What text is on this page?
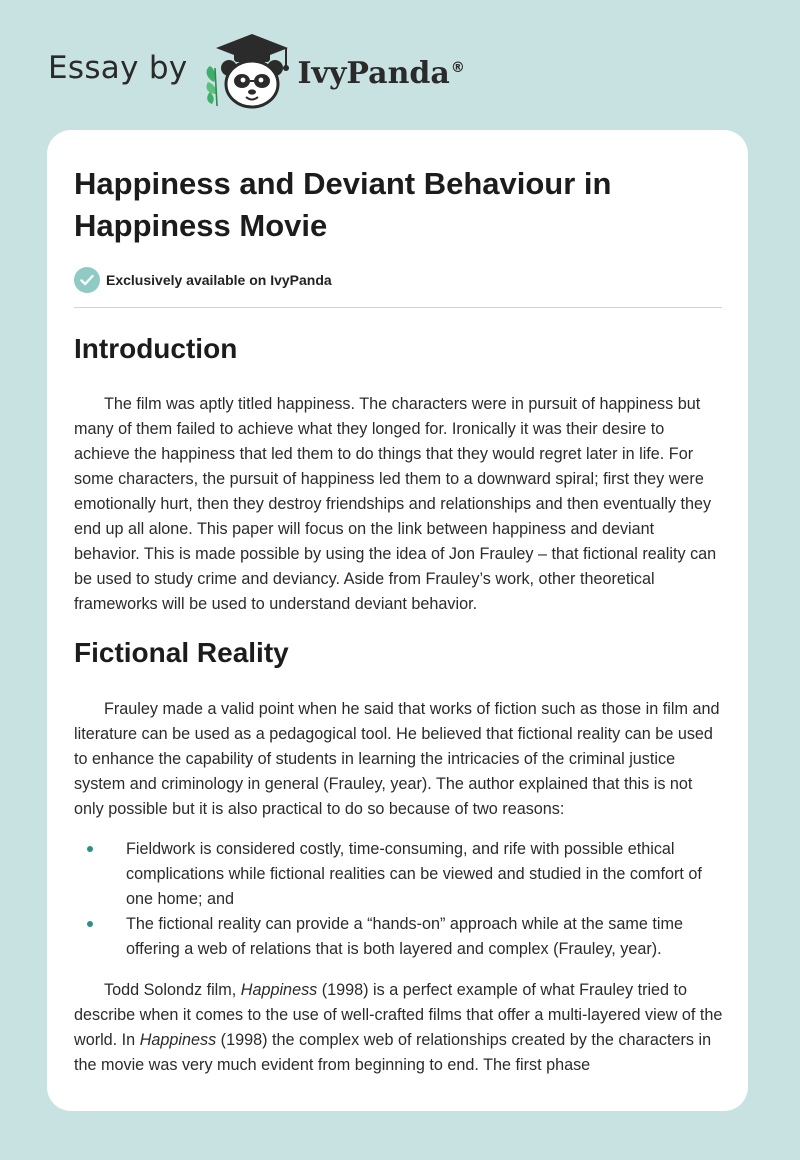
Essay by	IvyPanda®
Happiness and Deviant Behaviour in Happiness Movie
Exclusively available on IvyPanda
Introduction

The film was aptly titled happiness. The characters were in pursuit of happiness but many of them failed to achieve what they longed for. Ironically it was their desire to achieve the happiness that led them to do things that they would regret later in life. For some characters, the pursuit of happiness led them to a downward spiral; first they were emotionally hurt, then they destroy friendships and relationships and then eventually they end up all alone. This paper will focus on the link between happiness and deviant behavior. This is made possible by using the idea of Jon Frauley – that fictional reality can be used to study crime and deviancy. Aside from Frauley’s work, other theoretical frameworks will be used to understand deviant behavior.

Fictional Reality

Frauley made a valid point when he said that works of fiction such as those in film and literature can be used as a pedagogical tool. He believed that fictional reality can be used to enhance the capability of students in learning the intricacies of the criminal justice system and criminology in general (Frauley, year). The author explained that this is not only possible but it is also practical to do so because of two reasons:

Fieldwork is considered costly, time-consuming, and rife with possible ethical complications while fictional realities can be viewed and studied in the comfort of one home; and
The fictional reality can provide a “hands-on” approach while at the same time offering a web of relations that is both layered and complex (Frauley, year).

Todd Solondz film, Happiness (1998) is a perfect example of what Frauley tried to describe when it comes to the use of well-crafted films that offer a multi-layered view of the world. In Happiness (1998) the complex web of relationships created by the characters in the movie was very much evident from beginning to end. The first phase
